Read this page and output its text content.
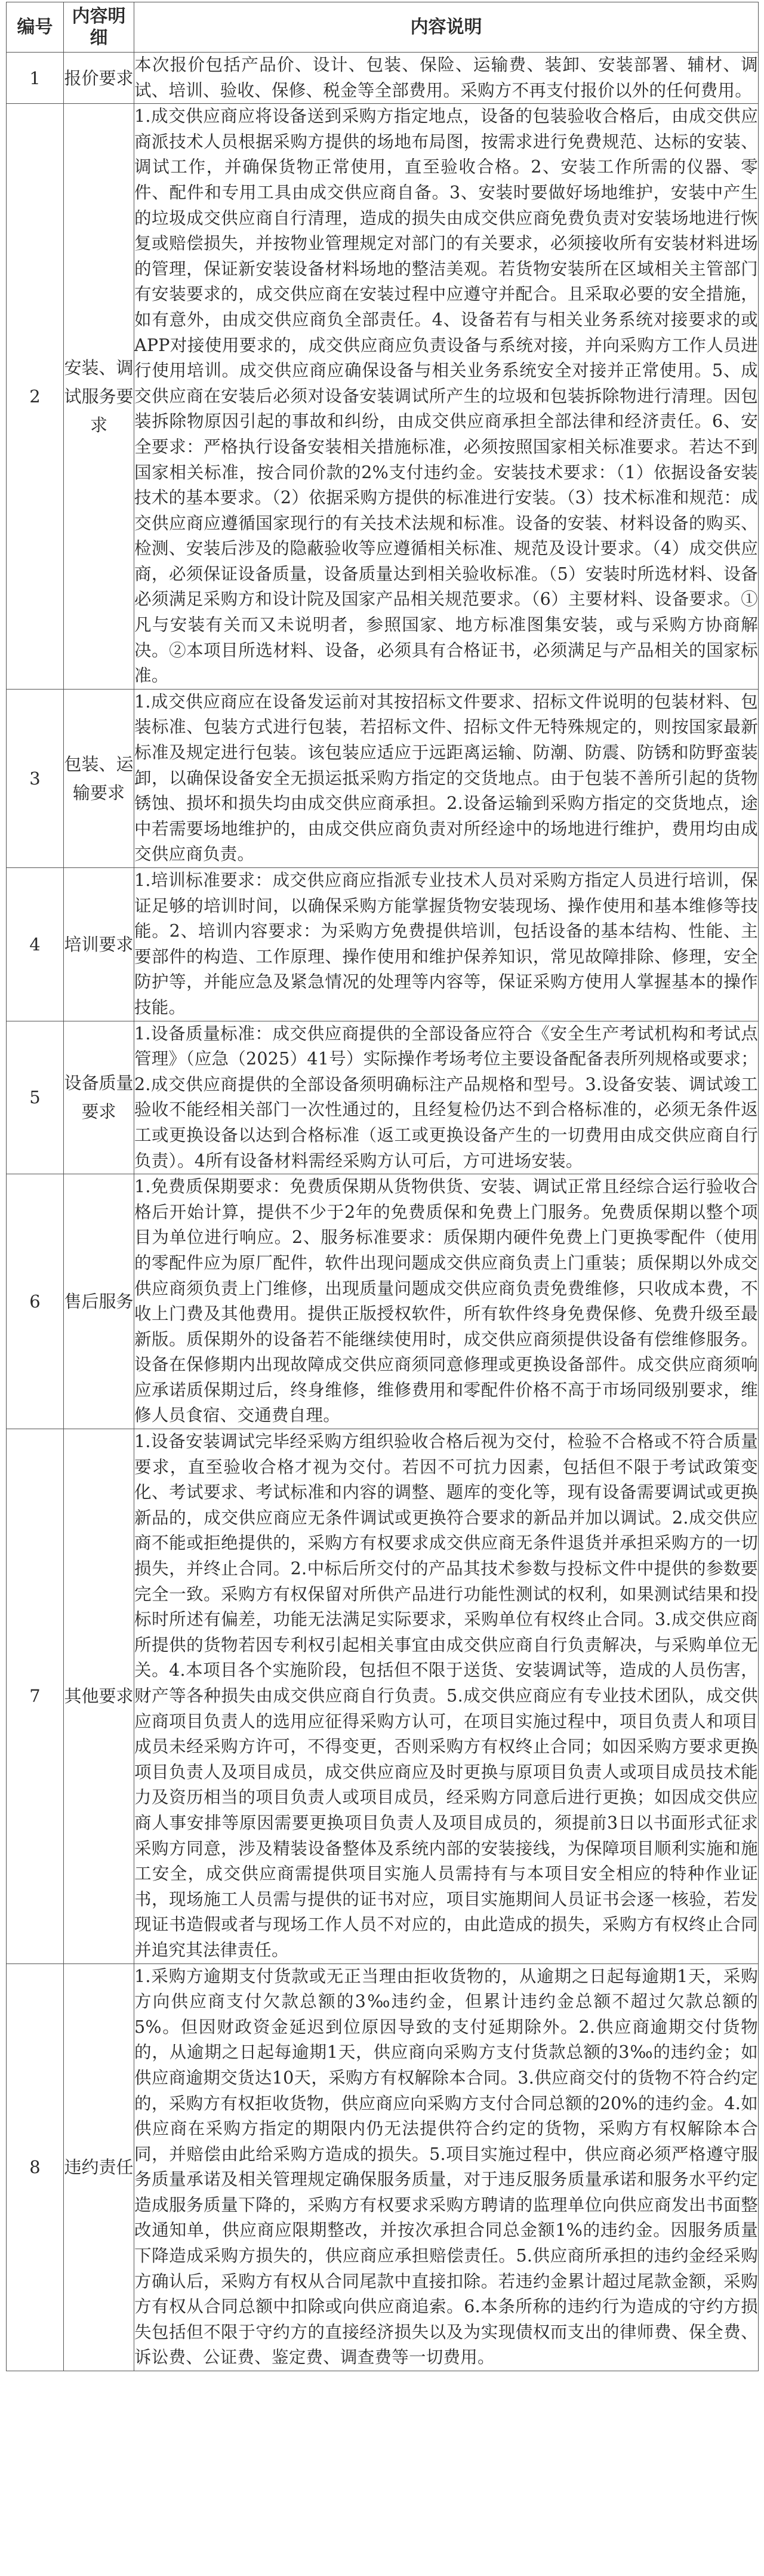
编号	内容明细	内容说明
1	报价要求	本次报价包括产品价、设计、包装、保险、运输费、装卸、安装部署、辅材、调试、培训、验收、保修、税金等全部费用。采购方不再支付报价以外的任何费用。
2	安装、调试服务要求	1.成交供应商应将设备送到采购方指定地点，设备的包装验收合格后，由成交供应商派技术人员根据采购方提供的场地布局图，按需求进行免费规范、达标的安装、调试工作，并确保货物正常使用，直至验收合格。2、安装工作所需的仪器、零件、配件和专用工具由成交供应商自备。3、安装时要做好场地维护，安装中产生的垃圾成交供应商自行清理，造成的损失由成交供应商免费负责对安装场地进行恢复或赔偿损失，并按物业管理规定对部门的有关要求，必须接收所有安装材料进场的管理，保证新安装设备材料场地的整洁美观。若货物安装所在区域相关主管部门有安装要求的，成交供应商在安装过程中应遵守并配合。且采取必要的安全措施，如有意外，由成交供应商负全部责任。4、设备若有与相关业务系统对接要求的或APP对接使用要求的，成交供应商应负责设备与系统对接，并向采购方工作人员进行使用培训。成交供应商应确保设备与相关业务系统安全对接并正常使用。5、成交供应商在安装后必须对设备安装调试所产生的垃圾和包装拆除物进行清理。因包装拆除物原因引起的事故和纠纷，由成交供应商承担全部法律和经济责任。6、安全要求：严格执行设备安装相关措施标准，必须按照国家相关标准要求。若达不到国家相关标准，按合同价款的2%支付违约金。安装技术要求：（1）依据设备安装技术的基本要求。（2）依据采购方提供的标准进行安装。（3）技术标准和规范：成交供应商应遵循国家现行的有关技术法规和标准。设备的安装、材料设备的购买、检测、安装后涉及的隐蔽验收等应遵循相关标准、规范及设计要求。（4）成交供应商，必须保证设备质量，设备质量达到相关验收标准。（5）安装时所选材料、设备必须满足采购方和设计院及国家产品相关规范要求。（6）主要材料、设备要求。①凡与安装有关而又未说明者，参照国家、地方标准图集安装，或与采购方协商解决。②本项目所选材料、设备，必须具有合格证书，必须满足与产品相关的国家标准。
3	包装、运输要求	1.成交供应商应在设备发运前对其按招标文件要求、招标文件说明的包装材料、包装标准、包装方式进行包装，若招标文件、招标文件无特殊规定的，则按国家最新标准及规定进行包装。该包装应适应于远距离运输、防潮、防震、防锈和防野蛮装卸，以确保设备安全无损运抵采购方指定的交货地点。由于包装不善所引起的货物锈蚀、损坏和损失均由成交供应商承担。2.设备运输到采购方指定的交货地点，途中若需要场地维护的，由成交供应商负责对所经途中的场地进行维护，费用均由成交供应商负责。
4	培训要求	1.培训标准要求：成交供应商应指派专业技术人员对采购方指定人员进行培训，保证足够的培训时间，以确保采购方能掌握货物安装现场、操作使用和基本维修等技能。2、培训内容要求：为采购方免费提供培训，包括设备的基本结构、性能、主要部件的构造、工作原理、操作使用和维护保养知识，常见故障排除、修理，安全防护等，并能应急及紧急情况的处理等内容等，保证采购方使用人掌握基本的操作技能。
5	设备质量要求	1.设备质量标准：成交供应商提供的全部设备应符合《安全生产考试机构和考试点管理》（应急（2025）41号）实际操作考场考位主要设备配备表所列规格或要求；2.成交供应商提供的全部设备须明确标注产品规格和型号。3.设备安装、调试竣工验收不能经相关部门一次性通过的，且经复检仍达不到合格标准的，必须无条件返工或更换设备以达到合格标准（返工或更换设备产生的一切费用由成交供应商自行负责）。4所有设备材料需经采购方认可后，方可进场安装。
6	售后服务	1.免费质保期要求：免费质保期从货物供货、安装、调试正常且经综合运行验收合格后开始计算，提供不少于2年的免费质保和免费上门服务。免费质保期以整个项目为单位进行响应。2、服务标准要求：质保期内硬件免费上门更换零配件（使用的零配件应为原厂配件，软件出现问题成交供应商负责上门重装；质保期以外成交供应商须负责上门维修，出现质量问题成交供应商负责免费维修，只收成本费，不收上门费及其他费用。提供正版授权软件，所有软件终身免费保修、免费升级至最新版。质保期外的设备若不能继续使用时，成交供应商须提供设备有偿维修服务。设备在保修期内出现故障成交供应商须同意修理或更换设备部件。成交供应商须响应承诺质保期过后，终身维修，维修费用和零配件价格不高于市场同级别要求，维修人员食宿、交通费自理。
7	其他要求	1.设备安装调试完毕经采购方组织验收合格后视为交付，检验不合格或不符合质量要求，直至验收合格才视为交付。若因不可抗力因素，包括但不限于考试政策变化、考试要求、考试标准和内容的调整、题库的变化等，现有设备需要调试或更换新品的，成交供应商应无条件调试或更换符合要求的新品并加以调试。2.成交供应商不能或拒绝提供的，采购方有权要求成交供应商无条件退货并承担采购方的一切损失，并终止合同。2.中标后所交付的产品其技术参数与投标文件中提供的参数要完全一致。采购方有权保留对所供产品进行功能性测试的权利，如果测试结果和投标时所述有偏差，功能无法满足实际要求，采购单位有权终止合同。3.成交供应商所提供的货物若因专利权引起相关事宜由成交供应商自行负责解决，与采购单位无关。4.本项目各个实施阶段，包括但不限于送货、安装调试等，造成的人员伤害，财产等各种损失由成交供应商自行负责。5.成交供应商应有专业技术团队，成交供应商项目负责人的选用应征得采购方认可，在项目实施过程中，项目负责人和项目成员未经采购方许可，不得变更，否则采购方有权终止合同；如因采购方要求更换项目负责人及项目成员，成交供应商应及时更换与原项目负责人或项目成员技术能力及资历相当的项目负责人或项目成员，经采购方同意后进行更换；如因成交供应商人事安排等原因需要更换项目负责人及项目成员的，须提前3日以书面形式征求采购方同意，涉及精装设备整体及系统内部的安装接线，为保障项目顺利实施和施工安全，成交供应商需提供项目实施人员需持有与本项目安全相应的特种作业证书，现场施工人员需与提供的证书对应，项目实施期间人员证书会逐一核验，若发现证书造假或者与现场工作人员不对应的，由此造成的损失，采购方有权终止合同并追究其法律责任。
8	违约责任	1.采购方逾期支付货款或无正当理由拒收货物的，从逾期之日起每逾期1天，采购方向供应商支付欠款总额的3‰违约金，但累计违约金总额不超过欠款总额的5%。但因财政资金延迟到位原因导致的支付延期除外。2.供应商逾期交付货物的，从逾期之日起每逾期1天，供应商向采购方支付货款总额的3‰的违约金；如供应商逾期交货达10天，采购方有权解除本合同。3.供应商交付的货物不符合约定的，采购方有权拒收货物，供应商应向采购方支付合同总额的20%的违约金。4.如供应商在采购方指定的期限内仍无法提供符合约定的货物，采购方有权解除本合同，并赔偿由此给采购方造成的损失。5.项目实施过程中，供应商必须严格遵守服务质量承诺及相关管理规定确保服务质量，对于违反服务质量承诺和服务水平约定造成服务质量下降的，采购方有权要求采购方聘请的监理单位向供应商发出书面整改通知单，供应商应限期整改，并按次承担合同总金额1%的违约金。因服务质量下降造成采购方损失的，供应商应承担赔偿责任。5.供应商所承担的违约金经采购方确认后，采购方有权从合同尾款中直接扣除。若违约金累计超过尾款金额，采购方有权从合同总额中扣除或向供应商追索。6.本条所称的违约行为造成的守约方损失包括但不限于守约方的直接经济损失以及为实现债权而支出的律师费、保全费、诉讼费、公证费、鉴定费、调查费等一切费用。
